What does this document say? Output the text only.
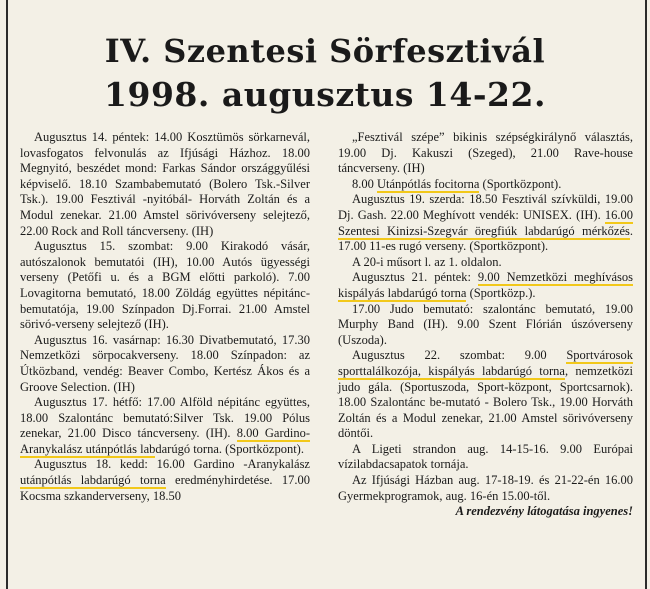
IV. Szentesi Sörfesztivál
1998. augusztus 14-22.

Augusztus 14. péntek: 14.00 Kosztümös sörkarnevál, lovasfogatos felvonulás az Ifjúsági Házhoz. 18.00 Megnyitó, beszédet mond: Farkas Sándor országgyűlési képviselő. 18.10 Szambabemutató (Bolero Tsk.-Silver Tsk.). 19.00 Fesztivál -nyitóbál- Horváth Zoltán és a Modul zenekar. 21.00 Amstel sörivóverseny selejtező, 22.00 Rock and Roll táncverseny. (IH)

Augusztus 15. szombat: 9.00 Kirakodó vásár, autószalonok bemutatói (IH), 10.00 Autós ügyességi verseny (Petőfi u. és a BGM előtti parkoló). 7.00 Lovagitorna bemutató, 18.00 Zöldág együttes népitánc-bemutatója, 19.00 Színpadon Dj.Forrai. 21.00 Amstel sörivó-verseny selejtező (IH).

Augusztus 16. vasárnap: 16.30 Divatbemutató, 17.30 Nemzetközi sörpocakverseny. 18.00 Színpadon: az Útközband, vendég: Beaver Combo, Kertész Ákos és a Groove Selection. (IH)

Augusztus 17. hétfő: 17.00 Alföld népitánc együttes, 18.00 Szalontánc bemutató:Silver Tsk. 19.00 Pólus zenekar, 21.00 Disco táncverseny. (IH). 8.00 Gardino-Aranykalász utánpótlás labdarúgó torna. (Sportközpont).

Augusztus 18. kedd: 16.00 Gardino -Aranykalász utánpótlás labdarúgó torna eredményhirdetése. 17.00 Kocsma szkanderverseny, 18.50

„Fesztivál szépe” bikinis szépségkirálynő választás, 19.00 Dj. Kakuszi (Szeged), 21.00 Rave-house táncverseny. (IH)

8.00 Utánpótlás focitorna (Sportközpont).

Augusztus 19. szerda: 18.50 Fesztivál szívküldi, 19.00 Dj. Gash. 22.00 Meghívott vendék: UNISEX. (IH). 16.00 Szentesi Kinizsi-Szegvár öregfiúk labdarúgó mérkőzés. 17.00 11-es rugó verseny. (Sportközpont).

A 20-i műsort l. az 1. oldalon.

Augusztus 21. péntek: 9.00 Nemzetközi meghívásos kispályás labdarúgó torna (Sportközp.).

17.00 Judo bemutató: szalontánc bemutató, 19.00 Murphy Band (IH). 9.00 Szent Flórián úszóverseny (Uszoda).

Augusztus 22. szombat: 9.00 Sportvárosok sporttalálkozója, kispályás labdarúgó torna, nemzetközi judo gála. (Sportuszoda, Sport-központ, Sportcsarnok). 18.00 Szalontánc be-mutató - Bolero Tsk., 19.00 Horváth Zoltán és a Modul zenekar, 21.00 Amstel sörivóverseny döntői.

A Ligeti strandon aug. 14-15-16. 9.00 Európai vízilabdacsapatok tornája.

Az Ifjúsági Házban aug. 17-18-19. és 21-22-én 16.00 Gyermekprogramok, aug. 16-én 15.00-től.

A rendezvény látogatása ingyenes!
